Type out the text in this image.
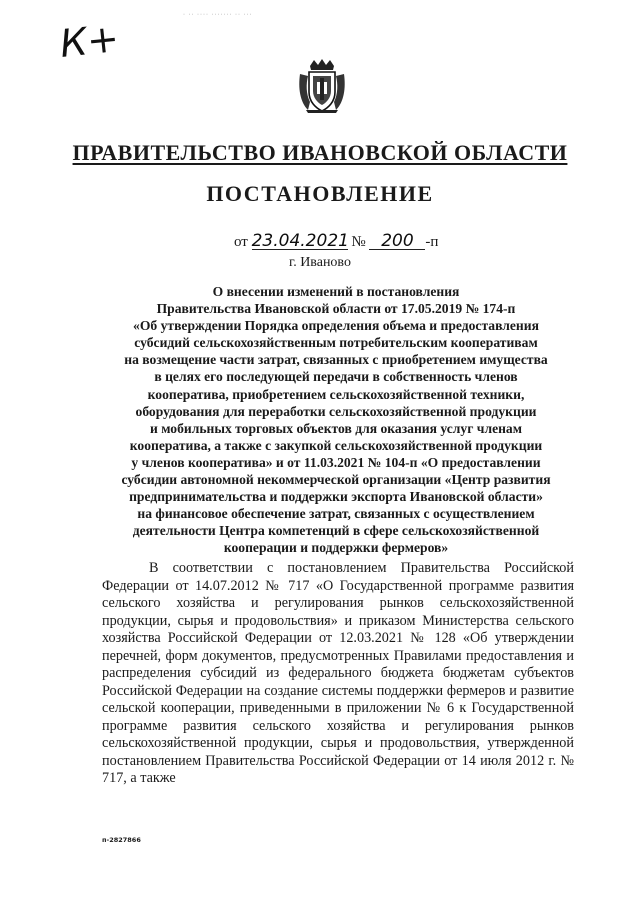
· ·· ···· ······· ·· ···
К+
ПРАВИТЕЛЬСТВО ИВАНОВСКОЙ ОБЛАСТИ
ПОСТАНОВЛЕНИЕ
от 23.04.2021 № 200 -п
г. Иваново
О внесении изменений в постановления
Правительства Ивановской области от 17.05.2019 № 174-п
«Об утверждении Порядка определения объема и предоставления
субсидий сельскохозяйственным потребительским кооперативам
на возмещение части затрат, связанных с приобретением имущества
в целях его последующей передачи в собственность членов
кооператива, приобретением сельскохозяйственной техники,
оборудования для переработки сельскохозяйственной продукции
и мобильных торговых объектов для оказания услуг членам
кооператива, а также с закупкой сельскохозяйственной продукции
у членов кооператива» и от 11.03.2021 № 104-п «О предоставлении
субсидии автономной некоммерческой организации «Центр развития
предпринимательства и поддержки экспорта Ивановской области»
на финансовое обеспечение затрат, связанных с осуществлением
деятельности Центра компетенций в сфере сельскохозяйственной
кооперации и поддержки фермеров»

В соответствии с постановлением Правительства Российской Федерации от 14.07.2012 № 717 «О Государственной программе развития сельского хозяйства и регулирования рынков сельскохозяйственной продукции, сырья и продовольствия» и приказом Министерства сельского хозяйства Российской Федерации от 12.03.2021 № 128 «Об утверждении перечней, форм документов, предусмотренных Правилами предоставления и распределения субсидий из федерального бюджета бюджетам субъектов Российской Федерации на создание системы поддержки фермеров и развитие сельской кооперации, приведенными в приложении № 6 к Государственной программе развития сельского хозяйства и регулирования рынков сельскохозяйственной продукции, сырья и продовольствия, утвержденной постановлением Правительства Российской Федерации от 14 июля 2012 г. № 717, а также

п-2827866
